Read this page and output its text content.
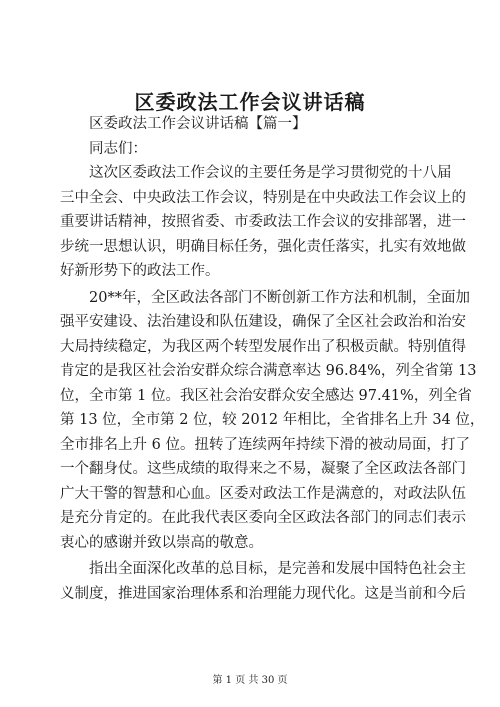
区委政法工作会议讲话稿

区委政法工作会议讲话稿【篇一】

同志们：

这次区委政法工作会议的主要任务是学习贯彻党的十八届
三中全会、中央政法工作会议，特别是在中央政法工作会议上的
重要讲话精神，按照省委、市委政法工作会议的安排部署，进一
步统一思想认识，明确目标任务，强化责任落实，扎实有效地做
好新形势下的政法工作。

20**年，全区政法各部门不断创新工作方法和机制，全面加
强平安建设、法治建设和队伍建设，确保了全区社会政治和治安
大局持续稳定，为我区两个转型发展作出了积极贡献。特别值得
肯定的是我区社会治安群众综合满意率达 96.84%，列全省第 13
位，全市第 1 位。我区社会治安群众安全感达 97.41%，列全省
第 13 位，全市第 2 位，较 2012 年相比，全省排名上升 34 位，
全市排名上升 6 位。扭转了连续两年持续下滑的被动局面，打了
一个翻身仗。这些成绩的取得来之不易，凝聚了全区政法各部门
广大干警的智慧和心血。区委对政法工作是满意的，对政法队伍
是充分肯定的。在此我代表区委向全区政法各部门的同志们表示
衷心的感谢并致以崇高的敬意。

指出全面深化改革的总目标，是完善和发展中国特色社会主
义制度，推进国家治理体系和治理能力现代化。这是当前和今后

第 1 页 共 30 页
